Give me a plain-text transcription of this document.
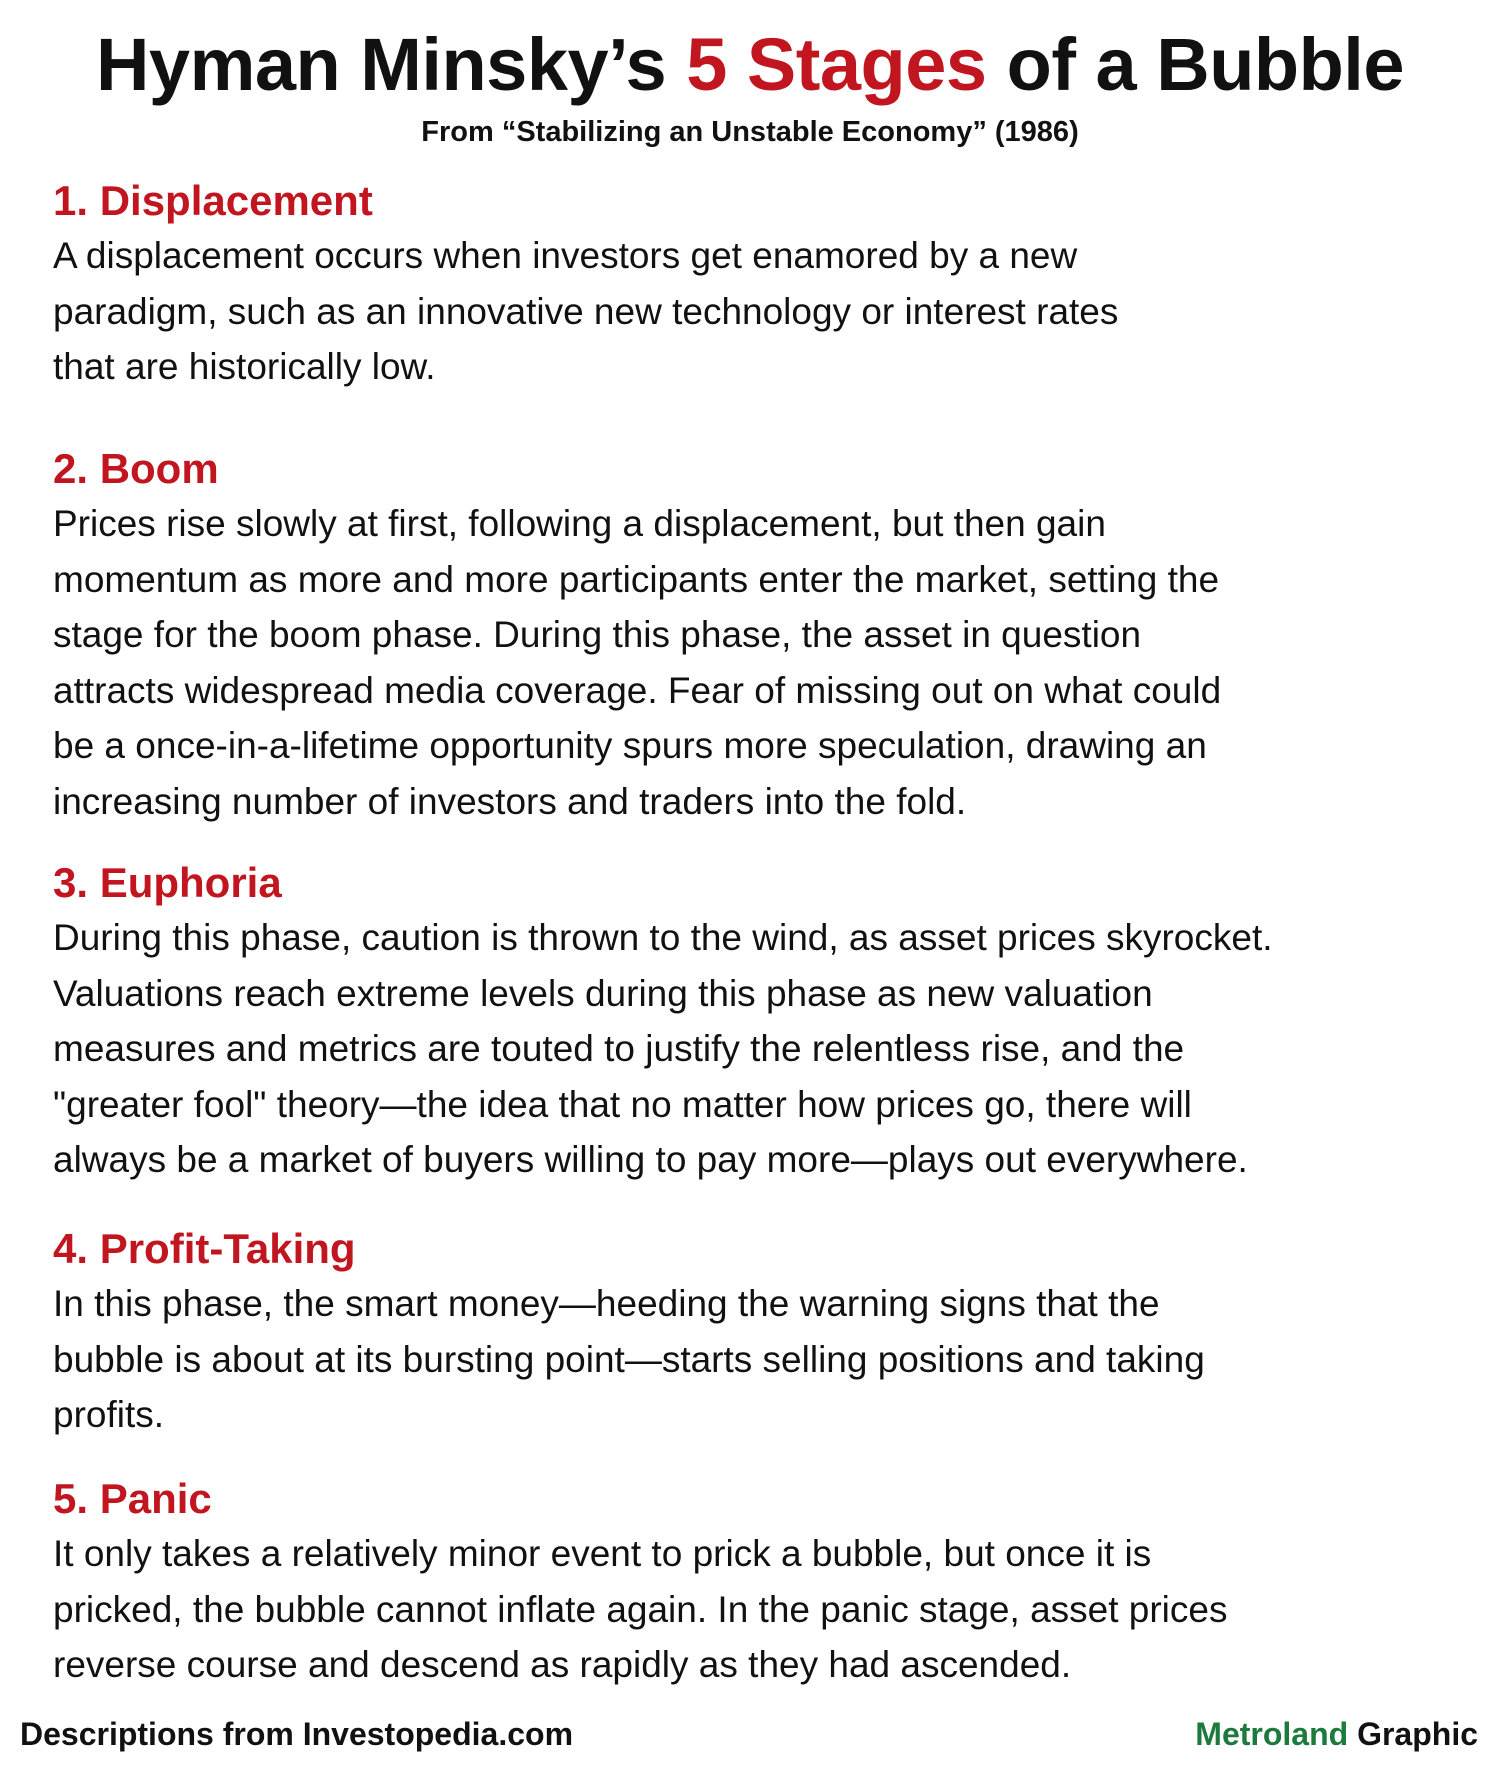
Hyman Minsky’s 5 Stages of a Bubble
From “Stabilizing an Unstable Economy” (1986)
1. Displacement

A displacement occurs when investors get enamored by a new
paradigm, such as an innovative new technology or interest rates
that are historically low.

2. Boom

Prices rise slowly at first, following a displacement, but then gain
momentum as more and more participants enter the market, setting the
stage for the boom phase. During this phase, the asset in question
attracts widespread media coverage. Fear of missing out on what could
be a once-in-a-lifetime opportunity spurs more speculation, drawing an
increasing number of investors and traders into the fold.

3. Euphoria

During this phase, caution is thrown to the wind, as asset prices skyrocket.
Valuations reach extreme levels during this phase as new valuation
measures and metrics are touted to justify the relentless rise, and the
"greater fool" theory—the idea that no matter how prices go, there will
always be a market of buyers willing to pay more—plays out everywhere.

4. Profit-Taking

In this phase, the smart money—heeding the warning signs that the
bubble is about at its bursting point—starts selling positions and taking
profits.

5. Panic

It only takes a relatively minor event to prick a bubble, but once it is
pricked, the bubble cannot inflate again. In the panic stage, asset prices
reverse course and descend as rapidly as they had ascended.

Descriptions from Investopedia.com	Metroland Graphic
